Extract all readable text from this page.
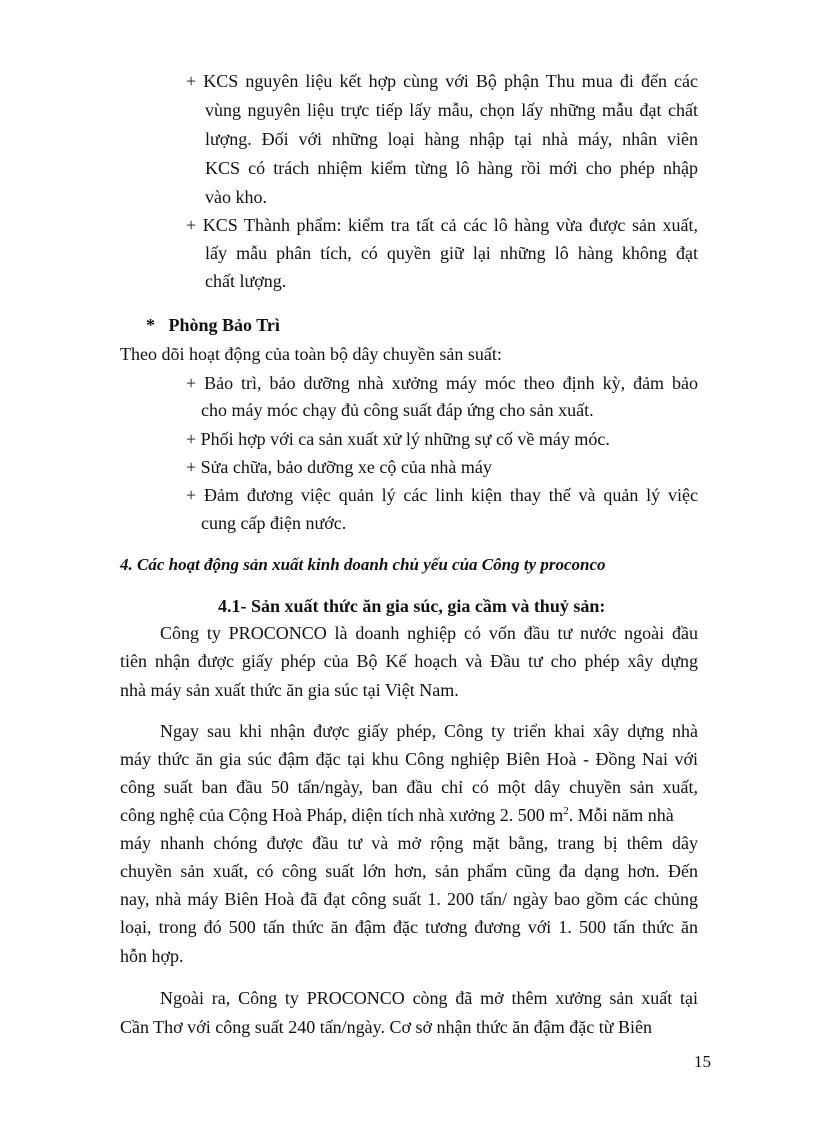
+ KCS nguyên liệu kết hợp cùng với Bộ phận Thu mua đi đến các
vùng nguyên liệu trực tiếp lấy mẫu, chọn lấy những mẫu đạt chất
lượng. Đối với những loại hàng nhập tại nhà máy, nhân viên
KCS có trách nhiệm kiểm từng lô hàng rồi mới cho phép nhập
vào kho.
+ KCS Thành phẩm: kiểm tra tất cả các lô hàng vừa được sản xuất,
lấy mẫu phân tích, có quyền giữ lại những lô hàng không đạt
chất lượng.
*   Phòng Bảo Trì
Theo dõi hoạt động của toàn bộ dây chuyền sản suất:
+ Bảo trì, bảo dưỡng nhà xưởng máy móc theo định kỳ, đảm bảo
cho máy móc chạy đủ công suất đáp ứng cho sản xuất.
+ Phối hợp với ca sản xuất xử lý những sự cố về máy móc.
+ Sửa chữa, bảo dưỡng xe cộ của nhà máy
+ Đảm đương việc quản lý các linh kiện thay thế và quản lý việc
cung cấp điện nước.
4. Các hoạt động sản xuất kinh doanh chủ yếu của Công ty proconco
4.1- Sản xuất thức ăn gia súc, gia cầm và thuỷ sản:
Công ty PROCONCO là doanh nghiệp có vốn đầu tư nước ngoài đầu
tiên nhận được giấy phép của Bộ Kế hoạch và Đầu tư cho phép xây dựng
nhà máy sản xuất thức ăn gia súc tại Việt Nam.
Ngay sau khi nhận được giấy phép, Công ty triển khai xây dựng nhà
máy thức ăn gia súc đậm đặc tại khu Công nghiệp Biên Hoà - Đồng Nai với
công suất ban đầu 50 tấn/ngày, ban đầu chỉ có một dây chuyền sản xuất,
công nghệ của Cộng Hoà Pháp, diện tích nhà xưởng 2. 500 $m^2$. Mỗi năm nhà
máy nhanh chóng được đầu tư và mở rộng mặt bằng, trang bị thêm dây
chuyền sản xuất, có công suất lớn hơn, sản phẩm cũng đa dạng hơn. Đến
nay, nhà máy Biên Hoà đã đạt công suất 1. 200 tấn/ ngày bao gồm các chủng
loại, trong đó 500 tấn thức ăn đậm đặc tương đương với 1. 500 tấn thức ăn
hỗn hợp.
Ngoài ra, Công ty PROCONCO còng đã mở thêm xưởng sản xuất tại
Cần Thơ với công suất 240 tấn/ngày. Cơ sở nhận thức ăn đậm đặc từ Biên
15
